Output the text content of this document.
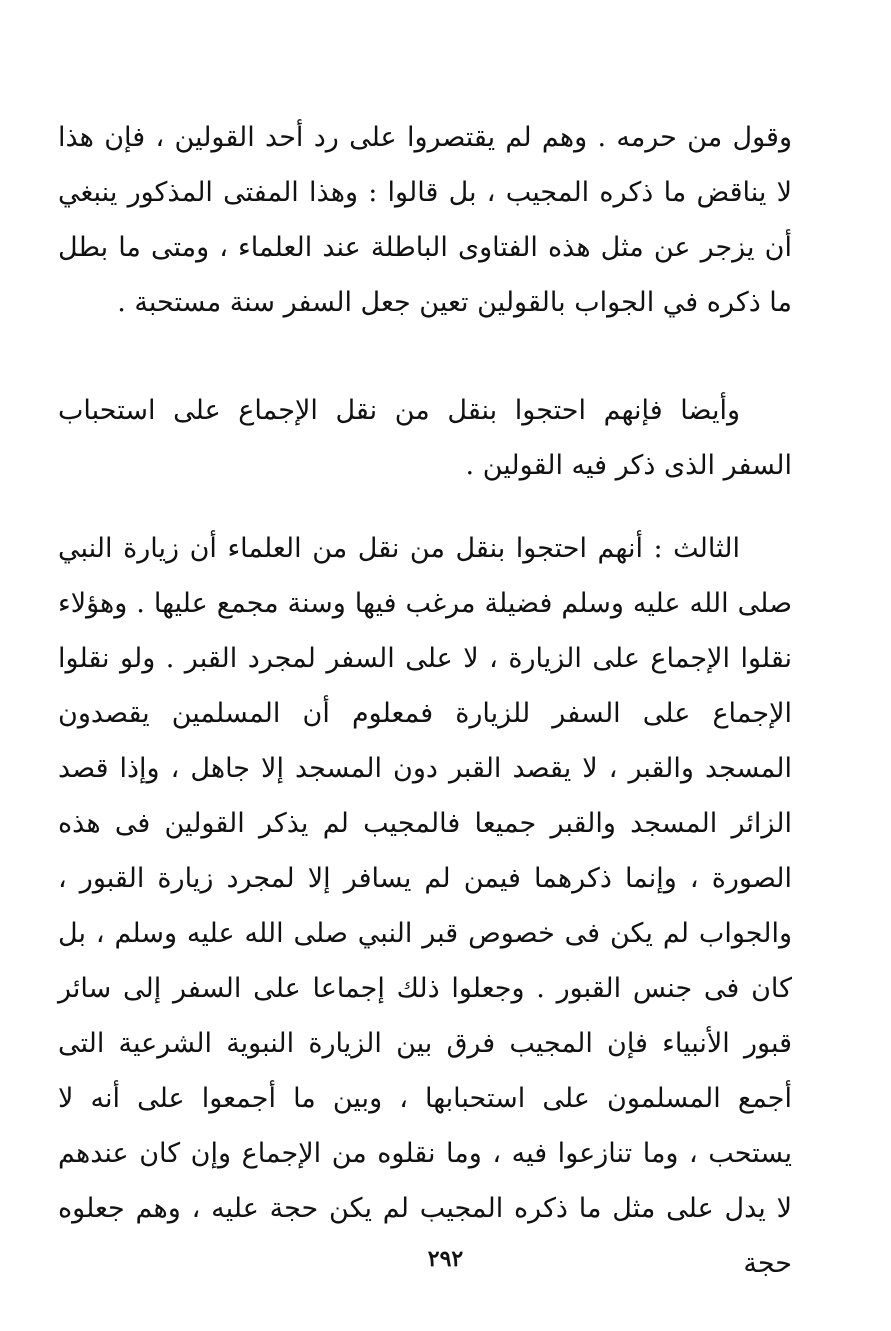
وقول من حرمه . وهم لم يقتصروا على رد أحد القولين ، فإن هذا لا يناقض ما ذكره المجيب ، بل قالوا : وهذا المفتى المذكور ينبغي أن يزجر عن مثل هذه الفتاوى الباطلة عند العلماء ، ومتى ما بطل ما ذكره في الجواب بالقولين تعين جعل السفر سنة مستحبة .

وأيضا فإنهم احتجوا بنقل من نقل الإجماع على استحباب السفر الذى ذكر فيه القولين .

الثالث : أنهم احتجوا بنقل من نقل من العلماء أن زيارة النبي صلى الله عليه وسلم فضيلة مرغب فيها وسنة مجمع عليها . وهؤلاء نقلوا الإجماع على الزيارة ، لا على السفر لمجرد القبر . ولو نقلوا الإجماع على السفر للزيارة فمعلوم أن المسلمين يقصدون المسجد والقبر ، لا يقصد القبر دون المسجد إلا جاهل ، وإذا قصد الزائر المسجد والقبر جميعا فالمجيب لم يذكر القولين فى هذه الصورة ، وإنما ذكرهما فيمن لم يسافر إلا لمجرد زيارة القبور ، والجواب لم يكن فى خصوص قبر النبي صلى الله عليه وسلم ، بل كان فى جنس القبور . وجعلوا ذلك إجماعا على السفر إلى سائر قبور الأنبياء فإن المجيب فرق بين الزيارة النبوية الشرعية التى أجمع المسلمون على استحبابها ، وبين ما أجمعوا على أنه لا يستحب ، وما تنازعوا فيه ، وما نقلوه من الإجماع وإن كان عندهم لا يدل على مثل ما ذكره المجيب لم يكن حجة عليه ، وهم جعلوه حجة

٢٩٢
